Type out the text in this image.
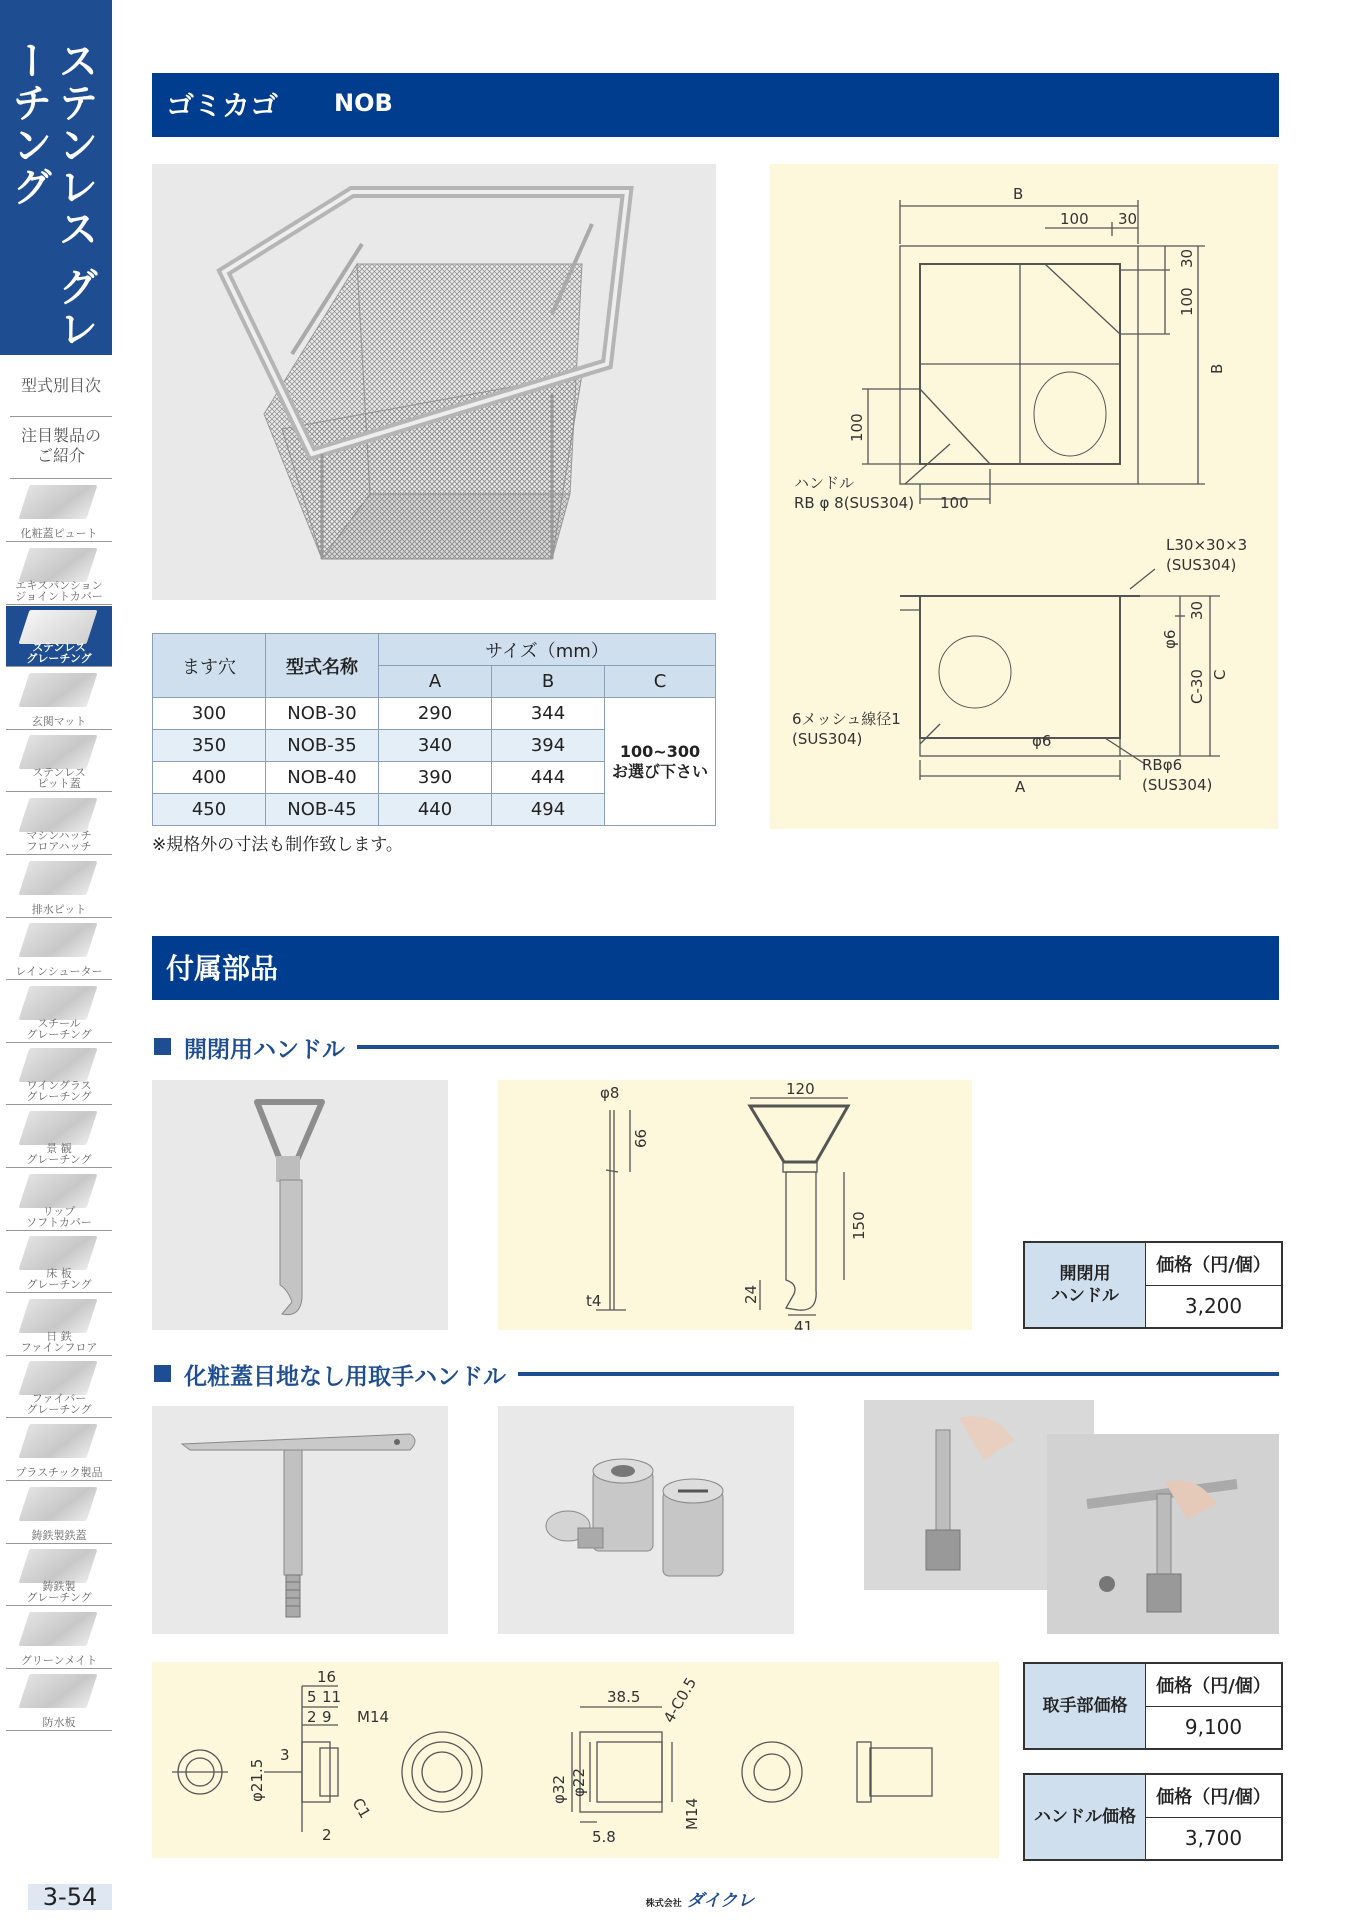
ステンレス グレーチング
型式別目次
注目製品の
ご紹介
化粧蓋ピュート
エキスパンション
ジョイントカバー
ステンレス
グレーチング
玄関マット
ステンレス
ピット蓋
マシンハッチ
フロアハッチ
排水ピット
レインシューター
スチール
グレーチング
ワイングラス
グレーチング
景 観
グレーチング
リップ
ソフトカバー
床 板
グレーチング
日 鉄
ファインフロア
ファイバー
グレーチング
プラスチック製品
鋳鉄製鉄蓋
鋳鉄製
グレーチング
グリーンメイト
防水板
3-54
ゴミカゴ NOB
ます穴	型式名称	サイズ（mm）		
		A	B	C
300	NOB-30	290	344	100~300
お選び下さい
350	NOB-35	340	394	
400	NOB-40	390	444	
450	NOB-45	440	494	
※規格外の寸法も制作致します。
B
100 30
30
100
B
100
ハンドル
RB φ 8(SUS304) 100
L30×30×3
(SUS304)
30
φ6
C-30 C
6メッシュ線径1
(SUS304)	φ6
A
RBφ6
(SUS304)
付属部品
開閉用ハンドル
φ8
66
t4
120
150
24
41
開閉用
ハンドル
価格（円/個）
3,200
化粧蓋目地なし用取手ハンドル
16
5 11
2 9 M14
φ21.5
3
C1
2
38.5 4-C0.5
φ32 φ22
5.8
M14
取手部価格
価格（円/個）
9,100
ハンドル価格
価格（円/個）
3,700
株式会社 ダイクレ
